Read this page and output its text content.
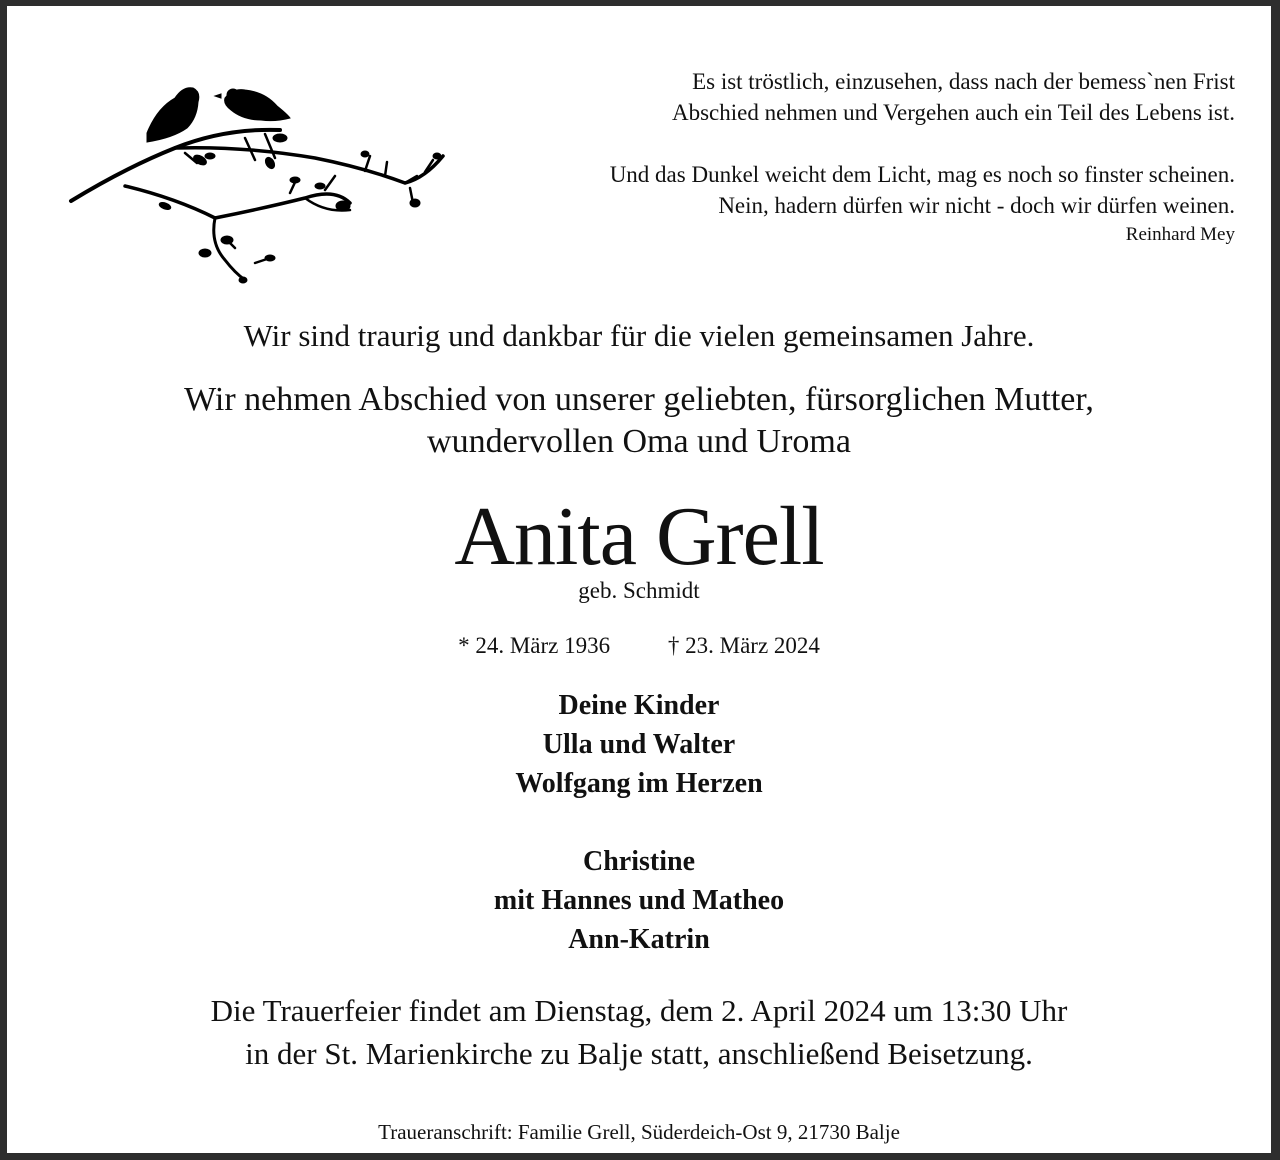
Es ist tröstlich, einzusehen, dass nach der bemess`nen Frist

Abschied nehmen und Vergehen auch ein Teil des Lebens ist.

Und das Dunkel weicht dem Licht, mag es noch so finster scheinen.

Nein, hadern dürfen wir nicht - doch wir dürfen weinen.

Reinhard Mey

Wir sind traurig und dankbar für die vielen gemeinsamen Jahre.
Wir nehmen Abschied von unserer geliebten, fürsorglichen Mutter,
wundervollen Oma und Uroma
Anita Grell
geb. Schmidt
* 24. März 1936	† 23. März 2024

Deine Kinder

Ulla und Walter

Wolfgang im Herzen

Christine

mit Hannes und Matheo

Ann-Katrin

Die Trauerfeier findet am Dienstag, dem 2. April 2024 um 13:30 Uhr
in der St. Marienkirche zu Balje statt, anschließend Beisetzung.
Traueranschrift: Familie Grell, Süderdeich-Ost 9, 21730 Balje
